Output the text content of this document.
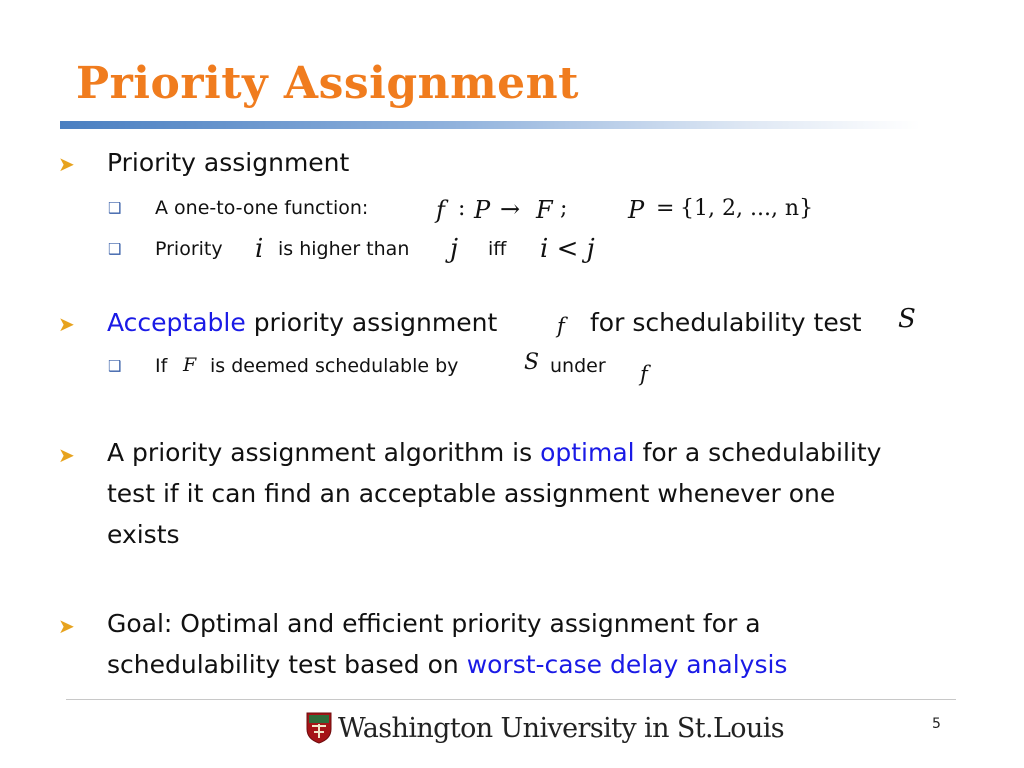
Priority Assignment
➤ Priority assignment
❑ A one-to-one function:	f : P → F ;	P = {1, 2, ..., n}
❑ Priority i is higher than j iff i < j
➤ Acceptable priority assignment	f for schedulability test S
❑ If F is deemed schedulable by	S under f
➤ A priority assignment algorithm is optimal for a schedulability
test if it can find an acceptable assignment whenever one
exists
➤ Goal: Optimal and efficient priority assignment for a
schedulability test based on worst-case delay analysis
Washington University in St.Louis	5
